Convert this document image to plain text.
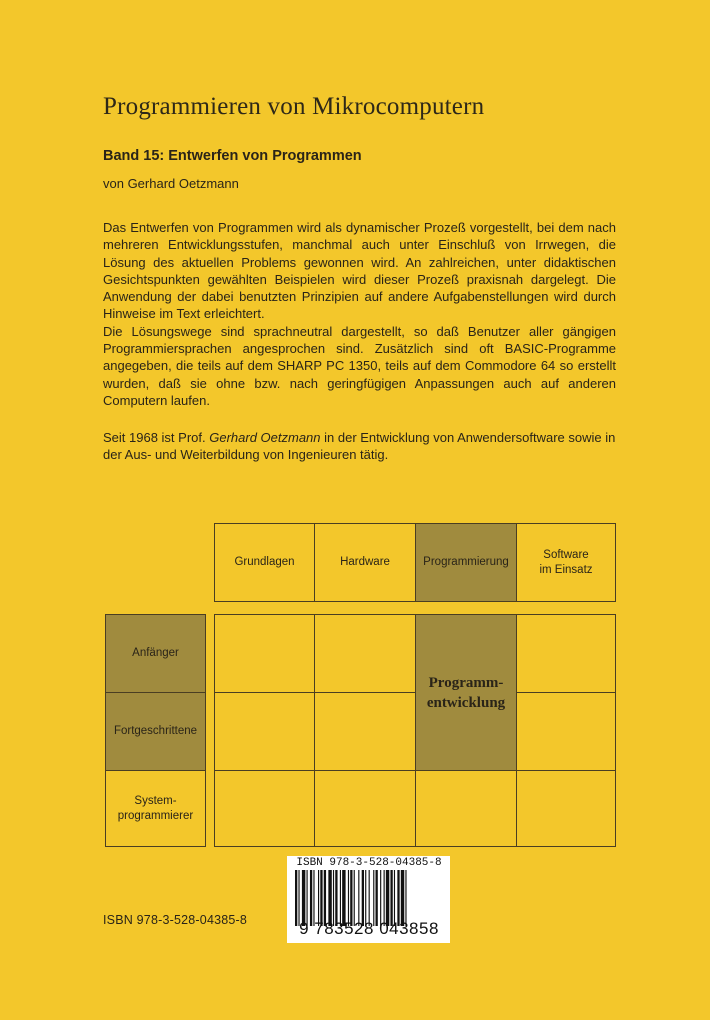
Programmieren von Mikrocomputern
Band 15: Entwerfen von Programmen
von Gerhard Oetzmann

Das Entwerfen von Programmen wird als dynamischer Prozeß vorgestellt, bei dem nach mehreren Entwicklungsstufen, manchmal auch unter Einschluß von Irrwegen, die Lösung des aktuellen Problems gewonnen wird. An zahlreichen, unter didaktischen Gesichtspunkten gewählten Beispielen wird dieser Prozeß praxisnah dargelegt. Die Anwendung der dabei benutzten Prinzipien auf andere Aufgabenstellungen wird durch Hinweise im Text erleichtert.

Die Lösungswege sind sprachneutral dargestellt, so daß Benutzer aller gängigen Programmiersprachen angesprochen sind. Zusätzlich sind oft BASIC-Programme angegeben, die teils auf dem SHARP PC 1350, teils auf dem Commodore 64 so erstellt wurden, daß sie ohne bzw. nach geringfügigen Anpassungen auch auf anderen Computern laufen.

Seit 1968 ist Prof. Gerhard Oetzmann in der Entwicklung von Anwendersoftware sowie in der Aus- und Weiterbildung von Ingenieuren tätig.

Grundlagen	Hardware	Programmierung
Software
im Einsatz
Anfänger
Fortgeschrittene
System-
programmierer
Programm-
entwicklung
ISBN 978-3-528-04385-8
ISBN 978-3-528-04385-8
9 783528 043858
